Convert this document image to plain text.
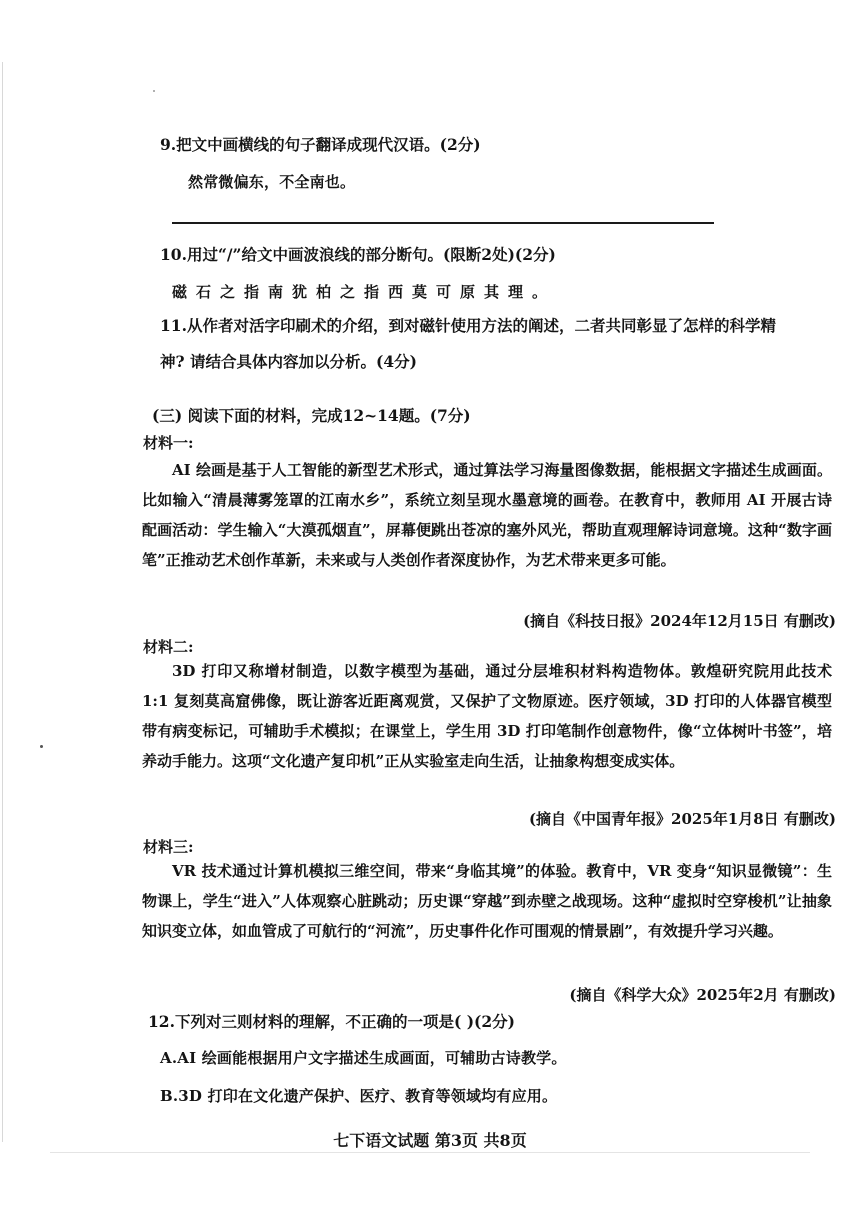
9.把文中画横线的句子翻译成现代汉语。(2分)
然常微偏东，不全南也。
10.用过“/”给文中画波浪线的部分断句。(限断2处)(2分)
磁石之指南犹柏之指西莫可原其理。
11.从作者对活字印刷术的介绍，到对磁针使用方法的阐述，二者共同彰显了怎样的科学精
神? 请结合具体内容加以分析。(4分)
(三) 阅读下面的材料，完成12~14题。(7分)
材料一:
AI 绘画是基于人工智能的新型艺术形式，通过算法学习海量图像数据，能根据文字描述生成画面。比如输入“清晨薄雾笼罩的江南水乡”，系统立刻呈现水墨意境的画卷。在教育中，教师用 AI 开展古诗配画活动：学生输入“大漠孤烟直”，屏幕便跳出苍凉的塞外风光，帮助直观理解诗词意境。这种“数字画笔”正推动艺术创作革新，未来或与人类创作者深度协作，为艺术带来更多可能。
(摘自《科技日报》2024年12月15日 有删改)
材料二:
3D 打印又称增材制造，以数字模型为基础，通过分层堆积材料构造物体。敦煌研究院用此技术 1:1 复刻莫高窟佛像，既让游客近距离观赏，又保护了文物原迹。医疗领域，3D 打印的人体器官模型带有病变标记，可辅助手术模拟；在课堂上，学生用 3D 打印笔制作创意物件，像“立体树叶书签”，培养动手能力。这项“文化遗产复印机”正从实验室走向生活，让抽象构想变成实体。
(摘自《中国青年报》2025年1月8日 有删改)
材料三:
VR 技术通过计算机模拟三维空间，带来“身临其境”的体验。教育中，VR 变身“知识显微镜”：生物课上，学生“进入”人体观察心脏跳动；历史课“穿越”到赤壁之战现场。这种“虚拟时空穿梭机”让抽象知识变立体，如血管成了可航行的“河流”，历史事件化作可围观的情景剧”，有效提升学习兴趣。
(摘自《科学大众》2025年2月 有删改)
12.下列对三则材料的理解，不正确的一项是( )(2分)
A.AI 绘画能根据用户文字描述生成画面，可辅助古诗教学。
B.3D 打印在文化遗产保护、医疗、教育等领域均有应用。
七下语文试题 第3页 共8页
